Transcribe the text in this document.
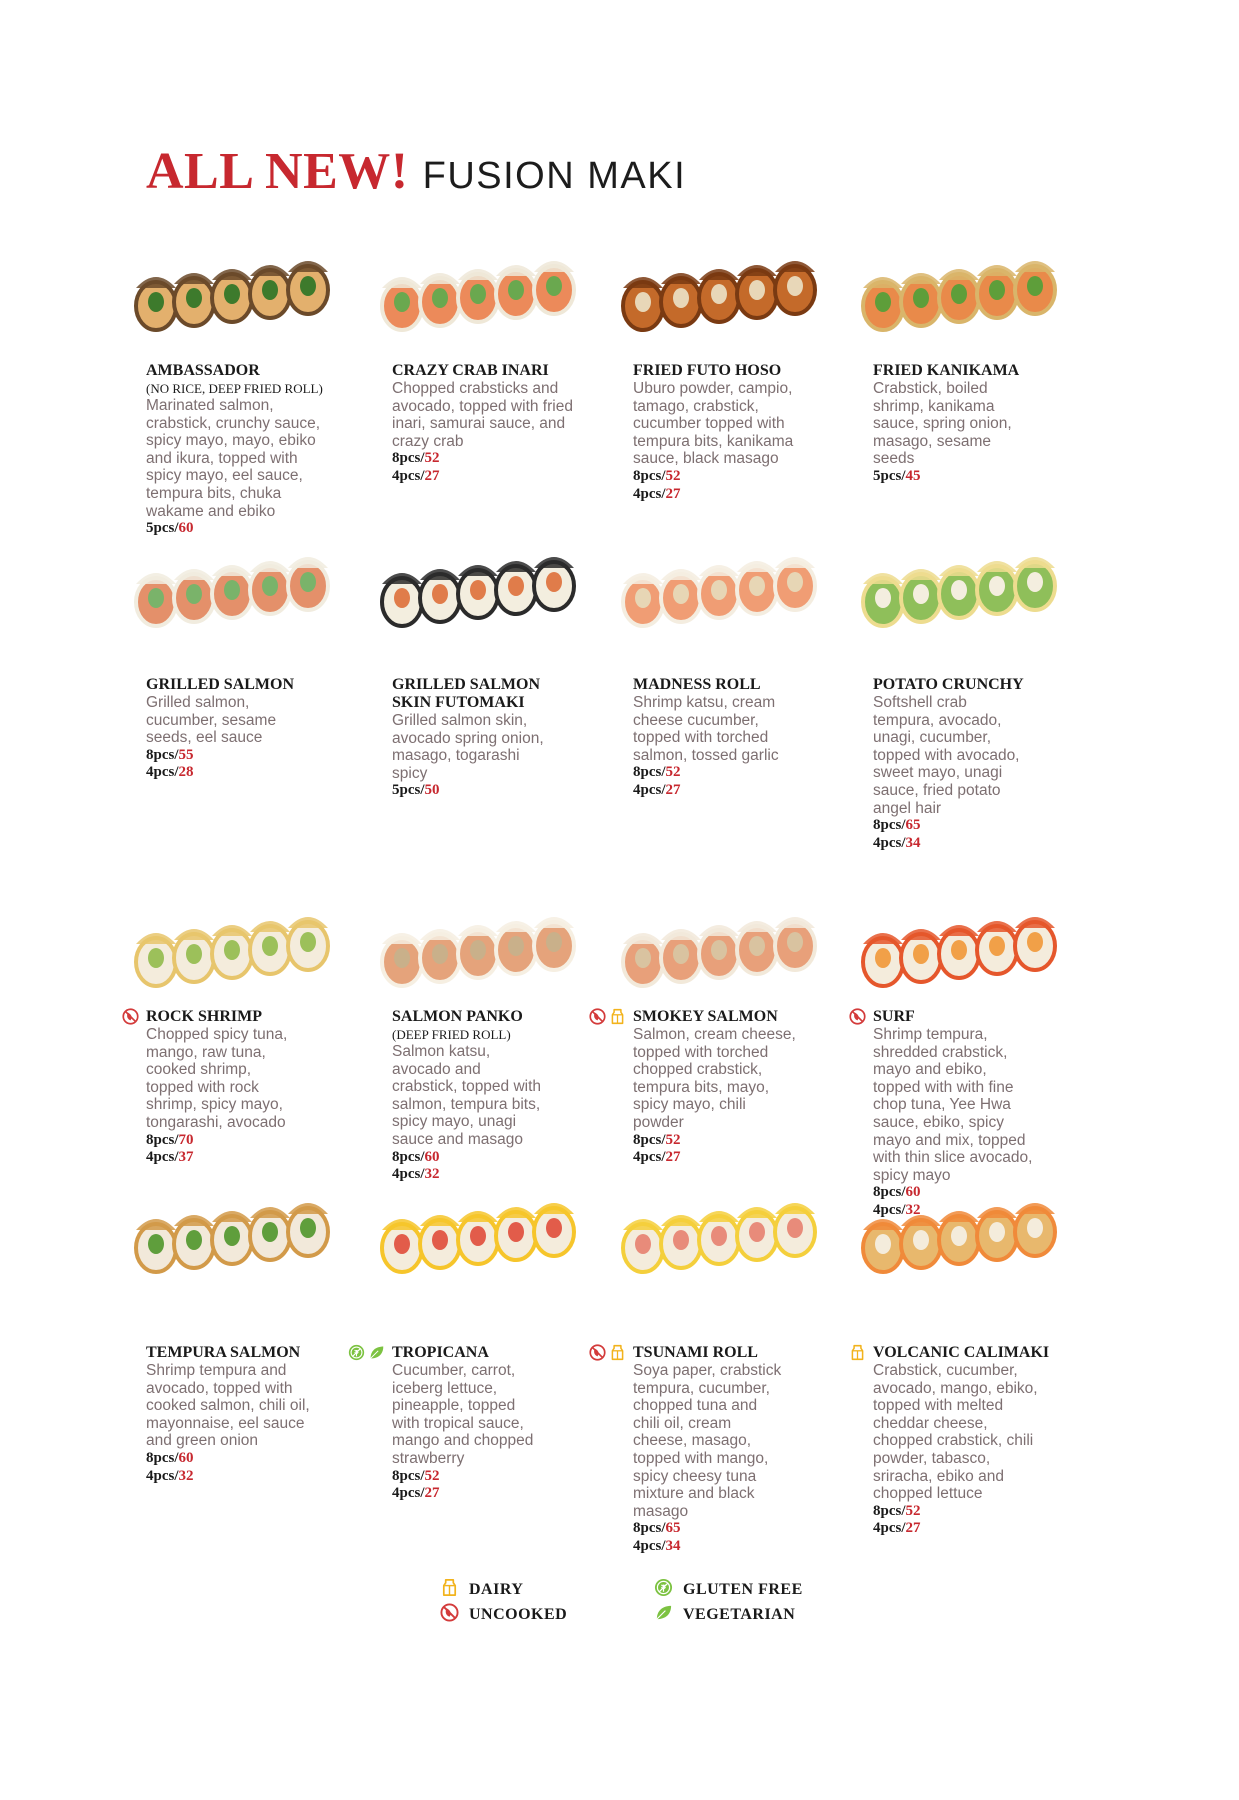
ALL NEW! FUSION MAKI
AMBASSADOR
(NO RICE, DEEP FRIED ROLL)
Marinated salmon,
crabstick, crunchy sauce,
spicy mayo, mayo, ebiko
and ikura, topped with
spicy mayo, eel sauce,
tempura bits, chuka
wakame and ebiko
5pcs/60
CRAZY CRAB INARI
Chopped crabsticks and
avocado, topped with fried
inari, samurai sauce, and
crazy crab
8pcs/52
4pcs/27
FRIED FUTO HOSO
Uburo powder, campio,
tamago, crabstick,
cucumber topped with
tempura bits, kanikama
sauce, black masago
8pcs/52
4pcs/27
FRIED KANIKAMA
Crabstick, boiled
shrimp, kanikama
sauce, spring onion,
masago, sesame
seeds
5pcs/45
GRILLED SALMON
Grilled salmon,
cucumber, sesame
seeds, eel sauce
8pcs/55
4pcs/28
GRILLED SALMON
SKIN FUTOMAKI
Grilled salmon skin,
avocado spring onion,
masago, togarashi
spicy
5pcs/50
MADNESS ROLL
Shrimp katsu, cream
cheese cucumber,
topped with torched
salmon, tossed garlic
8pcs/52
4pcs/27
POTATO CRUNCHY
Softshell crab
tempura, avocado,
unagi, cucumber,
topped with avocado,
sweet mayo, unagi
sauce, fried potato
angel hair
8pcs/65
4pcs/34
ROCK SHRIMP
Chopped spicy tuna,
mango, raw tuna,
cooked shrimp,
topped with rock
shrimp, spicy mayo,
tongarashi, avocado
8pcs/70
4pcs/37
SALMON PANKO
(DEEP FRIED ROLL)
Salmon katsu,
avocado and
crabstick, topped with
salmon, tempura bits,
spicy mayo, unagi
sauce and masago
8pcs/60
4pcs/32
SMOKEY SALMON
Salmon, cream cheese,
topped with torched
chopped crabstick,
tempura bits, mayo,
spicy mayo, chili
powder
8pcs/52
4pcs/27
SURF
Shrimp tempura,
shredded crabstick,
mayo and ebiko,
topped with with fine
chop tuna, Yee Hwa
sauce, ebiko, spicy
mayo and mix, topped
with thin slice avocado,
spicy mayo
8pcs/60
4pcs/32
TEMPURA SALMON
Shrimp tempura and
avocado, topped with
cooked salmon, chili oil,
mayonnaise, eel sauce
and green onion
8pcs/60
4pcs/32
TROPICANA
Cucumber, carrot,
iceberg lettuce,
pineapple, topped
with tropical sauce,
mango and chopped
strawberry
8pcs/52
4pcs/27
TSUNAMI ROLL
Soya paper, crabstick
tempura, cucumber,
chopped tuna and
chili oil, cream
cheese, masago,
topped with mango,
spicy cheesy tuna
mixture and black
masago
8pcs/65
4pcs/34
VOLCANIC CALIMAKI
Crabstick, cucumber,
avocado, mango, ebiko,
topped with melted
cheddar cheese,
chopped crabstick, chili
powder, tabasco,
sriracha, ebiko and
chopped lettuce
8pcs/52
4pcs/27
DAIRY	GLUTEN FREE
UNCOOKED	VEGETARIAN
